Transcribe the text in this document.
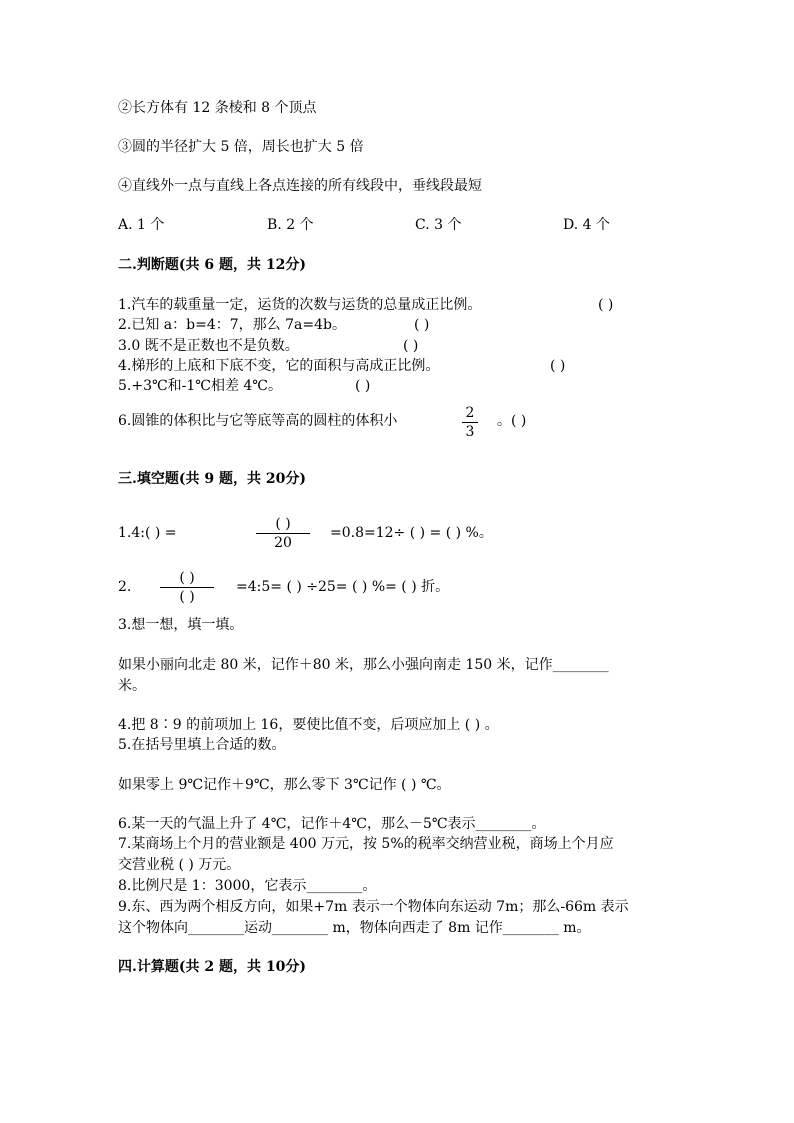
②长方体有 12 条棱和 8 个顶点
③圆的半径扩大 5 倍，周长也扩大 5 倍
④直线外一点与直线上各点连接的所有线段中，垂线段最短
A. 1 个	B. 2 个	C. 3 个	D. 4 个
二.判断题(共 6 题，共 12分)
1.汽车的载重量一定，运货的次数与运货的总量成正比例。	( )
2.已知 a：b=4：7，那么 7a=4b。	( )
3.0 既不是正数也不是负数。	( )
4.梯形的上底和下底不变，它的面积与高成正比例。	( )
5.+3℃和-1℃相差 4℃。	( )
6.圆锥的体积比与它等底等高的圆柱的体积小	2
3
。( )
三.填空题(共 9 题，共 20分)
1.4:( ) =
( )
20
=0.8=12÷ ( ) = ( ) %。
2.
( )
( )
=4:5= ( ) ÷25= ( ) %= ( ) 折。
3.想一想，填一填。
如果小丽向北走 80 米，记作＋80 米，那么小强向南走 150 米，记作________
米。
4.把 8∶9 的前项加上 16，要使比值不变，后项应加上 ( ) 。
5.在括号里填上合适的数。
如果零上 9℃记作＋9℃，那么零下 3℃记作 ( ) ℃。
6.某一天的气温上升了 4℃，记作＋4℃，那么－5℃表示________。
7.某商场上个月的营业额是 400 万元，按 5%的税率交纳营业税，商场上个月应
交营业税 ( ) 万元。
8.比例尺是 1：3000，它表示________。
9.东、西为两个相反方向，如果+7m 表示一个物体向东运动 7m；那么-66m 表示
这个物体向________运动________ m，物体向西走了 8m 记作________ m。
四.计算题(共 2 题，共 10分)
